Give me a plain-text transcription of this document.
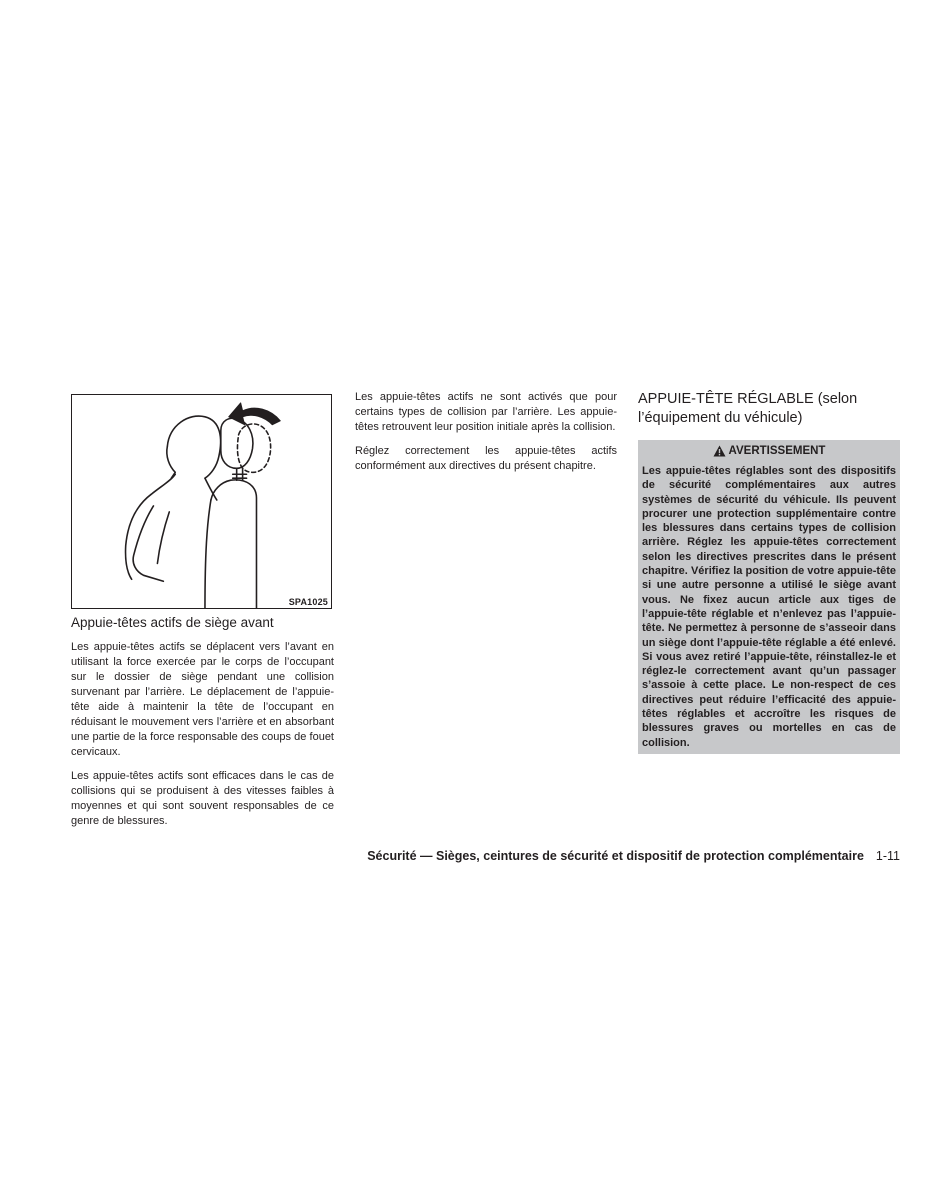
SPA1025
Appuie-têtes actifs de siège avant

Les appuie-têtes actifs se déplacent vers l’avant en utilisant la force exercée par le corps de l’occupant sur le dossier de siège pendant une collision survenant par l’arrière. Le déplacement de l’appuie-tête aide à maintenir la tête de l’occupant en réduisant le mouvement vers l’arrière et en absorbant une partie de la force responsable des coups de fouet cervicaux.

Les appuie-têtes actifs sont efficaces dans le cas de collisions qui se produisent à des vitesses faibles à moyennes et qui sont souvent responsables de ce genre de blessures.

Les appuie-têtes actifs ne sont activés que pour certains types de collision par l’arrière. Les appuie-têtes retrouvent leur position initiale après la collision.

Réglez correctement les appuie-têtes actifs conformément aux directives du présent chapitre.

APPUIE-TÊTE RÉGLABLE (selon l’équipement du véhicule)
AVERTISSEMENT

Les appuie-têtes réglables sont des dispositifs de sécurité complémentaires aux autres systèmes de sécurité du véhicule. Ils peuvent procurer une protection supplémentaire contre les blessures dans certains types de collision arrière. Réglez les appuie-têtes correctement selon les directives prescrites dans le présent chapitre. Vérifiez la position de votre appuie-tête si une autre personne a utilisé le siège avant vous. Ne fixez aucun article aux tiges de l’appuie-tête réglable et n’enlevez pas l’appuie-tête. Ne permettez à personne de s’asseoir dans un siège dont l’appuie-tête réglable a été enlevé. Si vous avez retiré l’appuie-tête, réinstallez-le et réglez-le correctement avant qu’un passager s’assoie à cette place. Le non-respect de ces directives peut réduire l’efficacité des appuie-têtes réglables et accroître les risques de blessures graves ou mortelles en cas de collision.

Sécurité — Sièges, ceintures de sécurité et dispositif de protection complémentaire 1-11
